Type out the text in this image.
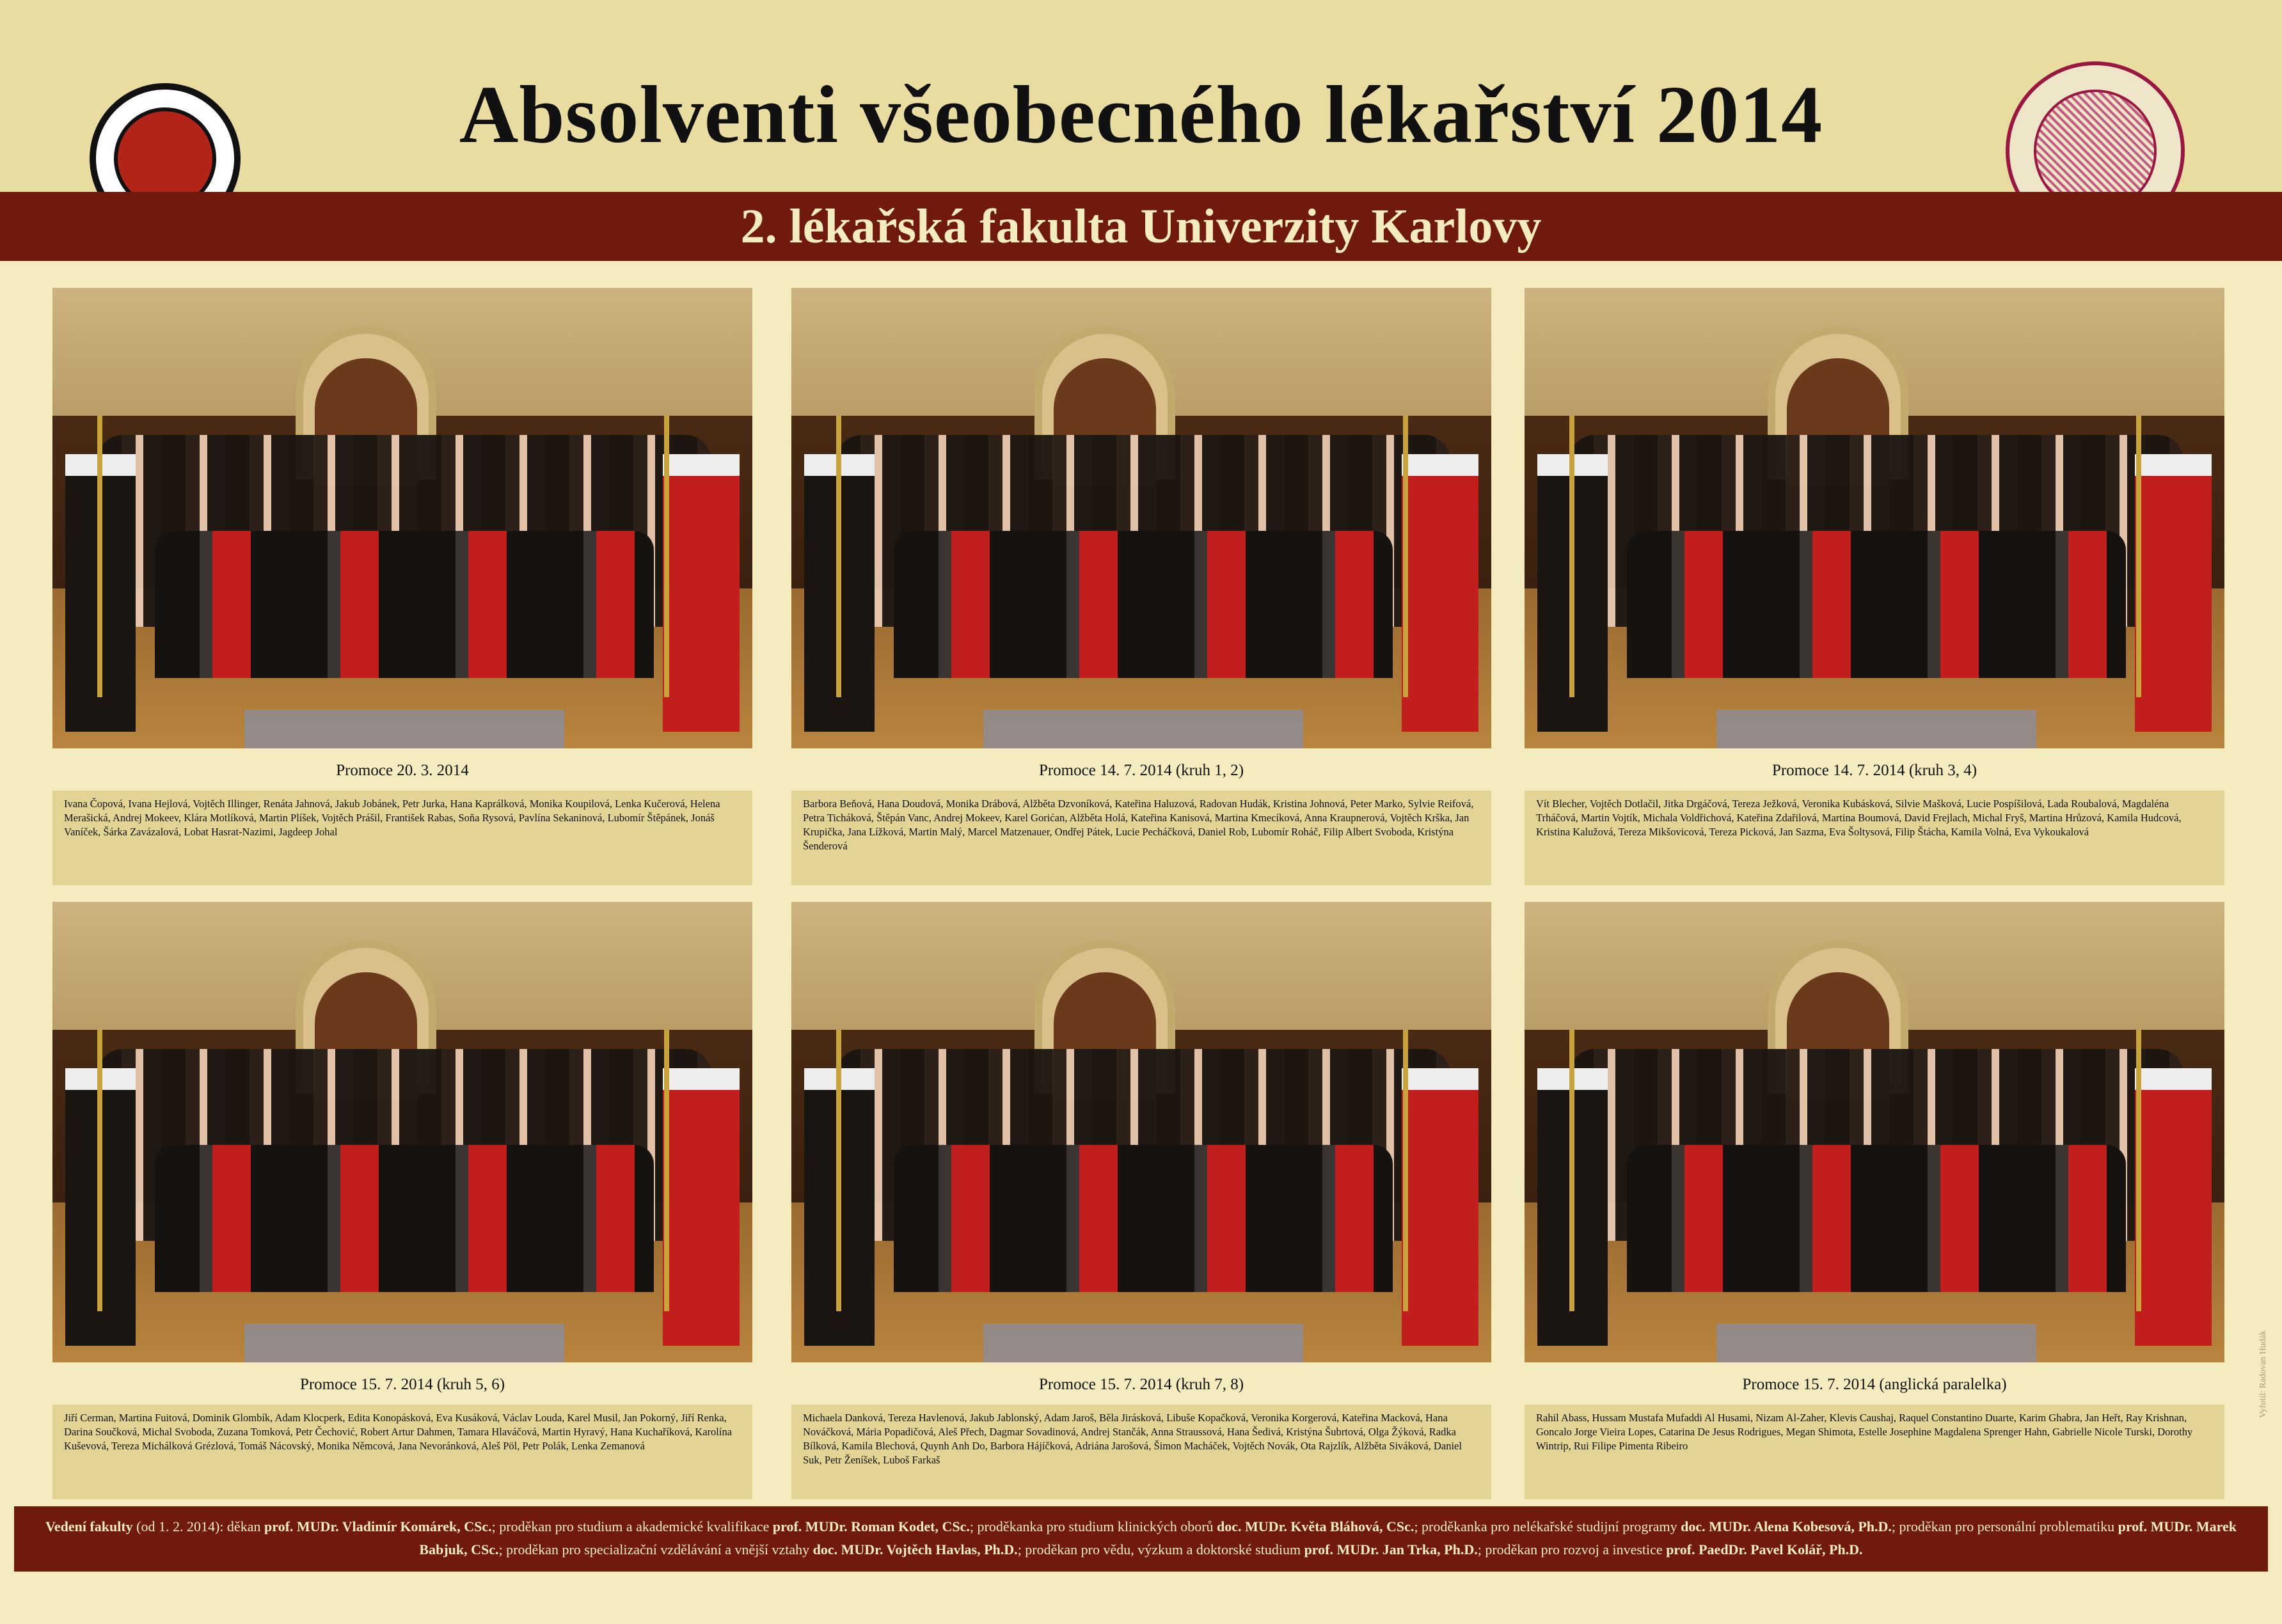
Absolventi všeobecného lékařství 2014
2. lékařská fakulta Univerzity Karlovy
Promoce 20. 3. 2014
Ivana Čopová, Ivana Hejlová, Vojtěch Illinger, Renáta Jahnová, Jakub Jobánek, Petr Jurka, Hana Kaprálková, Monika Koupilová, Lenka Kučerová, Helena Merašická, Andrej Mokeev, Klára Motlíková, Martin Plíšek, Vojtěch Prášil, František Rabas, Soňa Rysová, Pavlína Sekaninová, Lubomír Štěpánek, Jonáš Vaníček, Šárka Zavázalová, Lobat Hasrat-Nazimi, Jagdeep Johal
Promoce 14. 7. 2014 (kruh 1, 2)
Barbora Beňová, Hana Doudová, Monika Drábová, Alžběta Dzvoníková, Kateřina Haluzová, Radovan Hudák, Kristina Johnová, Peter Marko, Sylvie Reifová, Petra Ticháková, Štěpán Vanc, Andrej Mokeev, Karel Gorićan, Alžběta Holá, Kateřina Kanisová, Martina Kmecíková, Anna Kraupnerová, Vojtěch Krška, Jan Krupička, Jana Lížková, Martin Malý, Marcel Matzenauer, Ondřej Pátek, Lucie Pecháčková, Daniel Rob, Lubomír Roháč, Filip Albert Svoboda, Kristýna Šenderová
Promoce 14. 7. 2014 (kruh 3, 4)
Vít Blecher, Vojtěch Dotlačil, Jitka Drgáčová, Tereza Ježková, Veronika Kubásková, Silvie Mašková, Lucie Pospíšilová, Lada Roubalová, Magdaléna Trháčová, Martin Vojtík, Michala Voldřichová, Kateřina Zdařilová, Martina Boumová, David Frejlach, Michal Fryš, Martina Hrůzová, Kamila Hudcová, Kristina Kalužová, Tereza Mikšovicová, Tereza Picková, Jan Sazma, Eva Šoltysová, Filip Štácha, Kamila Volná, Eva Vykoukalová
Promoce 15. 7. 2014 (kruh 5, 6)
Jiří Cerman, Martina Fuitová, Dominik Glombík, Adam Klocperk, Edita Konopásková, Eva Kusáková, Václav Louda, Karel Musil, Jan Pokorný, Jiří Renka, Darina Součková, Michal Svoboda, Zuzana Tomková, Petr Čechović, Robert Artur Dahmen, Tamara Hlaváčová, Martin Hyravý, Hana Kuchaříková, Karolína Kuševová, Tereza Michálková Grézlová, Tomáš Nácovský, Monika Němcová, Jana Nevoránková, Aleš Pöl, Petr Polák, Lenka Zemanová
Promoce 15. 7. 2014 (kruh 7, 8)
Michaela Danková, Tereza Havlenová, Jakub Jablonský, Adam Jaroš, Běla Jirásková, Libuše Kopačková, Veronika Korgerová, Kateřina Macková, Hana Nováčková, Mária Popadičová, Aleš Přech, Dagmar Sovadinová, Andrej Stančák, Anna Straussová, Hana Šedivá, Kristýna Šubrtová, Olga Žýková, Radka Bílková, Kamila Blechová, Quynh Anh Do, Barbora Hájíčková, Adriána Jarošová, Šimon Macháček, Vojtěch Novák, Ota Rajzlík, Alžběta Siváková, Daniel Suk, Petr Ženíšek, Luboš Farkaš
Promoce 15. 7. 2014 (anglická paralelka)
Rahil Abass, Hussam Mustafa Mufaddi Al Husami, Nizam Al-Zaher, Klevis Caushaj, Raquel Constantino Duarte, Karim Ghabra, Jan Heřt, Ray Krishnan, Goncalo Jorge Vieira Lopes, Catarina De Jesus Rodrigues, Megan Shimota, Estelle Josephine Magdalena Sprenger Hahn, Gabrielle Nicole Turski, Dorothy Wintrip, Rui Filipe Pimenta Ribeiro
Vyfotil: Radovan Hudák
Vedení fakulty (od 1. 2. 2014): děkan prof. MUDr. Vladimír Komárek, CSc.; proděkan pro studium a akademické kvalifikace prof. MUDr. Roman Kodet, CSc.; proděkanka pro studium klinických oborů doc. MUDr. Květa Bláhová, CSc.; proděkanka pro nelékařské studijní programy doc. MUDr. Alena Kobesová, Ph.D.; proděkan pro personální problematiku prof. MUDr. Marek Babjuk, CSc.; proděkan pro specializační vzdělávání a vnější vztahy doc. MUDr. Vojtěch Havlas, Ph.D.; proděkan pro vědu, výzkum a doktorské studium prof. MUDr. Jan Trka, Ph.D.; proděkan pro rozvoj a investice prof. PaedDr. Pavel Kolář, Ph.D.
